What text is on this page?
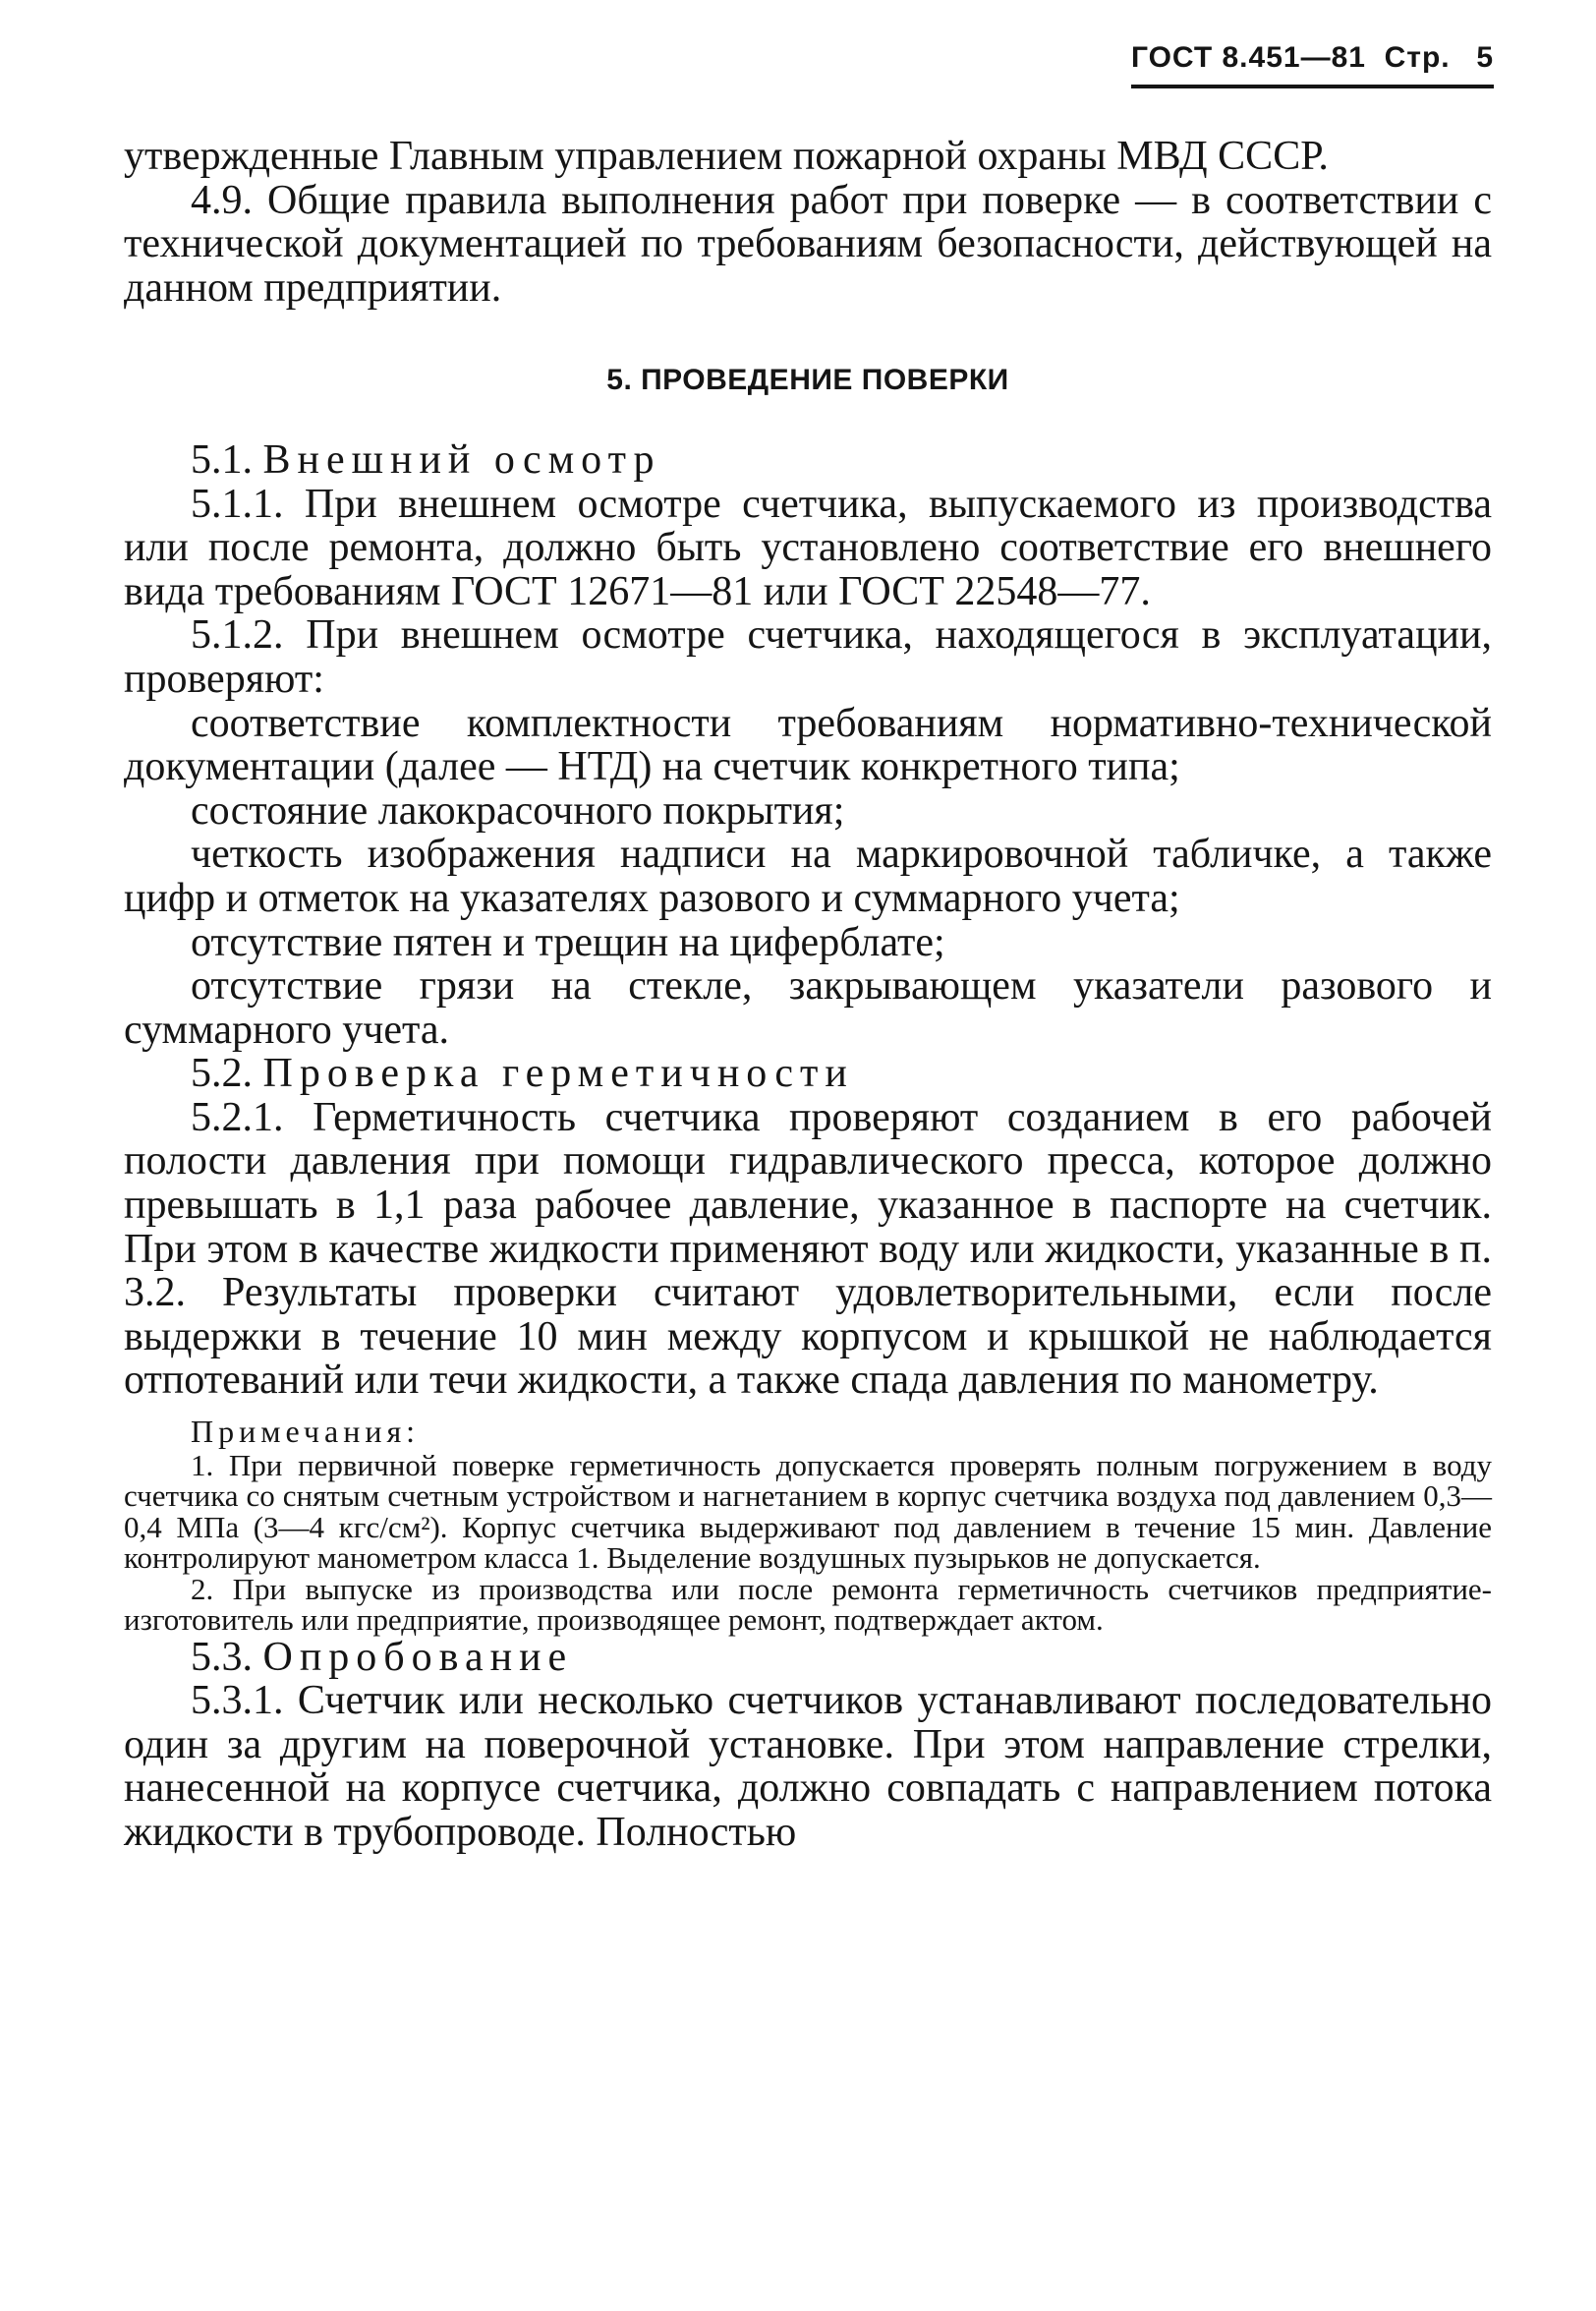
ГОСТ 8.451—81 Стр. 5

утвержденные Главным управлением пожарной охраны МВД СССР.

4.9. Общие правила выполнения работ при поверке — в соответствии с технической документацией по требованиям безопасности, действующей на данном предприятии.

5. ПРОВЕДЕНИЕ ПОВЕРКИ

5.1. Внешний осмотр

5.1.1. При внешнем осмотре счетчика, выпускаемого из производства или после ремонта, должно быть установлено соответствие его внешнего вида требованиям ГОСТ 12671—81 или ГОСТ 22548—77.

5.1.2. При внешнем осмотре счетчика, находящегося в эксплуатации, проверяют:

соответствие комплектности требованиям нормативно-технической документации (далее — НТД) на счетчик конкретного типа;

состояние лакокрасочного покрытия;

четкость изображения надписи на маркировочной табличке, а также цифр и отметок на указателях разового и суммарного учета;

отсутствие пятен и трещин на циферблате;

отсутствие грязи на стекле, закрывающем указатели разового и суммарного учета.

5.2. Проверка герметичности

5.2.1. Герметичность счетчика проверяют созданием в его рабочей полости давления при помощи гидравлического пресса, которое должно превышать в 1,1 раза рабочее давление, указанное в паспорте на счетчик. При этом в качестве жидкости применяют воду или жидкости, указанные в п. 3.2. Результаты проверки считают удовлетворительными, если после выдержки в течение 10 мин между корпусом и крышкой не наблюдается отпотеваний или течи жидкости, а также спада давления по манометру.

Примечания:

1. При первичной поверке герметичность допускается проверять полным погружением в воду счетчика со снятым счетным устройством и нагнетанием в корпус счетчика воздуха под давлением 0,3—0,4 МПа (3—4 кгс/см²). Корпус счетчика выдерживают под давлением в течение 15 мин. Давление контролируют манометром класса 1. Выделение воздушных пузырьков не допускается.

2. При выпуске из производства или после ремонта герметичность счетчиков предприятие-изготовитель или предприятие, производящее ремонт, подтверждает актом.

5.3. Опробование

5.3.1. Счетчик или несколько счетчиков устанавливают последовательно один за другим на поверочной установке. При этом направление стрелки, нанесенной на корпусе счетчика, должно совпадать с направлением потока жидкости в трубопроводе. Полностью
